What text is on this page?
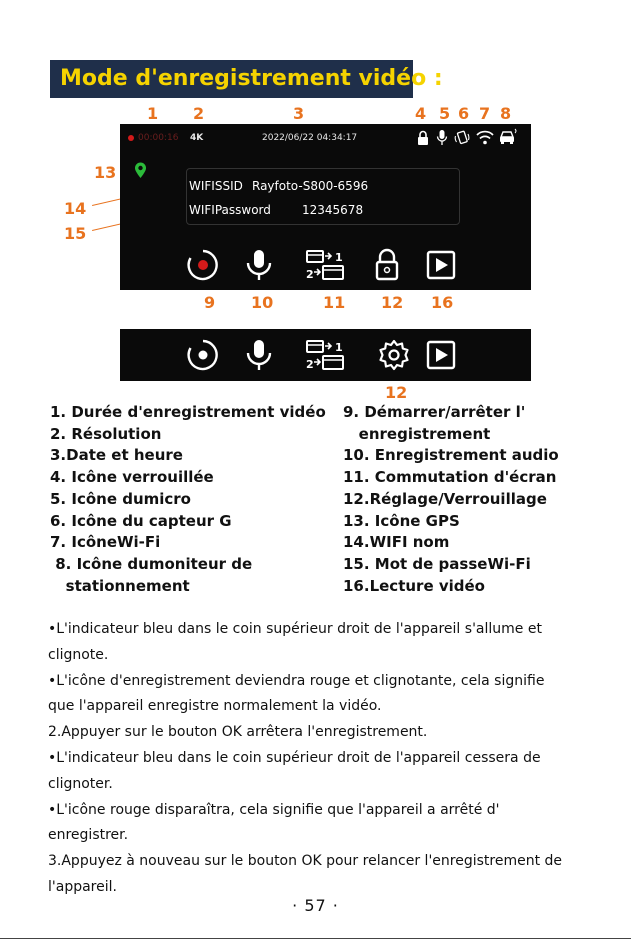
Mode d'enregistrement vidéo :
1 2	3	4 5 6 7 8
13
14
15
00:00:16 4K	2022/06/22 04:34:17
WIFISSID Rayfoto-S800-6596
WIFIPassword	12345678
1
2
9 10	11 12 16
1
2
12
1. Durée d'enregistrement vidéo
2. Résolution
3.Date et heure
4. Icône verrouillée
5. Icône dumicro
6. Icône du capteur G
7. IcôneWi-Fi
8. Icône dumoniteur de
stationnement
9. Démarrer/arrêter l'
enregistrement
10. Enregistrement audio
11. Commutation d'écran
12.Réglage/Verrouillage
13. Icône GPS
14.WIFI nom
15. Mot de passeWi-Fi
16.Lecture vidéo
•L'indicateur bleu dans le coin supérieur droit de l'appareil s'allume et
clignote.
•L'icône d'enregistrement deviendra rouge et clignotante, cela signifie
que l'appareil enregistre normalement la vidéo.
2.Appuyer sur le bouton OK arrêtera l'enregistrement.
•L'indicateur bleu dans le coin supérieur droit de l'appareil cessera de
clignoter.
•L'icône rouge disparaîtra, cela signifie que l'appareil a arrêté d'
enregistrer.
3.Appuyez à nouveau sur le bouton OK pour relancer l'enregistrement de
l'appareil.
· 57 ·
